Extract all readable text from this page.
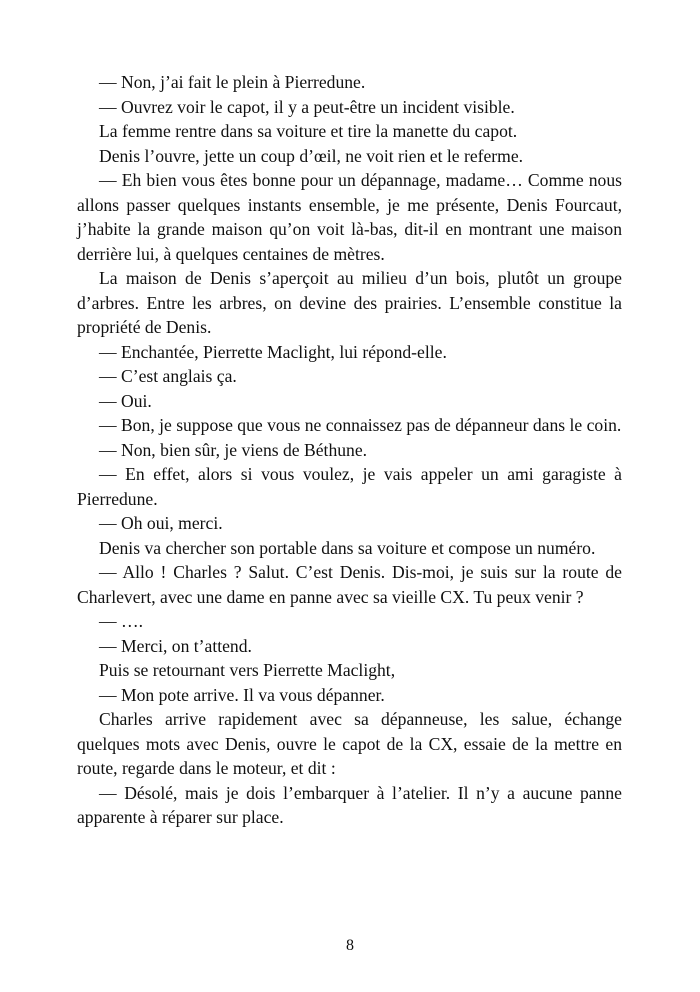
— Non, j’ai fait le plein à Pierredune.

— Ouvrez voir le capot, il y a peut-être un incident visible.

La femme rentre dans sa voiture et tire la manette du capot.

Denis l’ouvre, jette un coup d’œil, ne voit rien et le referme.

— Eh bien vous êtes bonne pour un dépannage, madame… Comme nous allons passer quelques instants ensemble, je me présente, Denis Fourcaut, j’habite la grande maison qu’on voit là-bas, dit-il en montrant une maison derrière lui, à quelques centaines de mètres.

La maison de Denis s’aperçoit au milieu d’un bois, plutôt un groupe d’arbres. Entre les arbres, on devine des prairies. L’ensemble constitue la propriété de Denis.

— Enchantée, Pierrette Maclight, lui répond-elle.

— C’est anglais ça.

— Oui.

— Bon, je suppose que vous ne connaissez pas de dépanneur dans le coin.

— Non, bien sûr, je viens de Béthune.

— En effet, alors si vous voulez, je vais appeler un ami garagiste à Pierredune.

— Oh oui, merci.

Denis va chercher son portable dans sa voiture et compose un numéro.

— Allo ! Charles ? Salut. C’est Denis. Dis-moi, je suis sur la route de Charlevert, avec une dame en panne avec sa vieille CX. Tu peux venir ?

— ….

— Merci, on t’attend.

Puis se retournant vers Pierrette Maclight,

— Mon pote arrive. Il va vous dépanner.

Charles arrive rapidement avec sa dépanneuse, les salue, échange quelques mots avec Denis, ouvre le capot de la CX, essaie de la mettre en route, regarde dans le moteur, et dit :

— Désolé, mais je dois l’embarquer à l’atelier. Il n’y a aucune panne apparente à réparer sur place.

8
